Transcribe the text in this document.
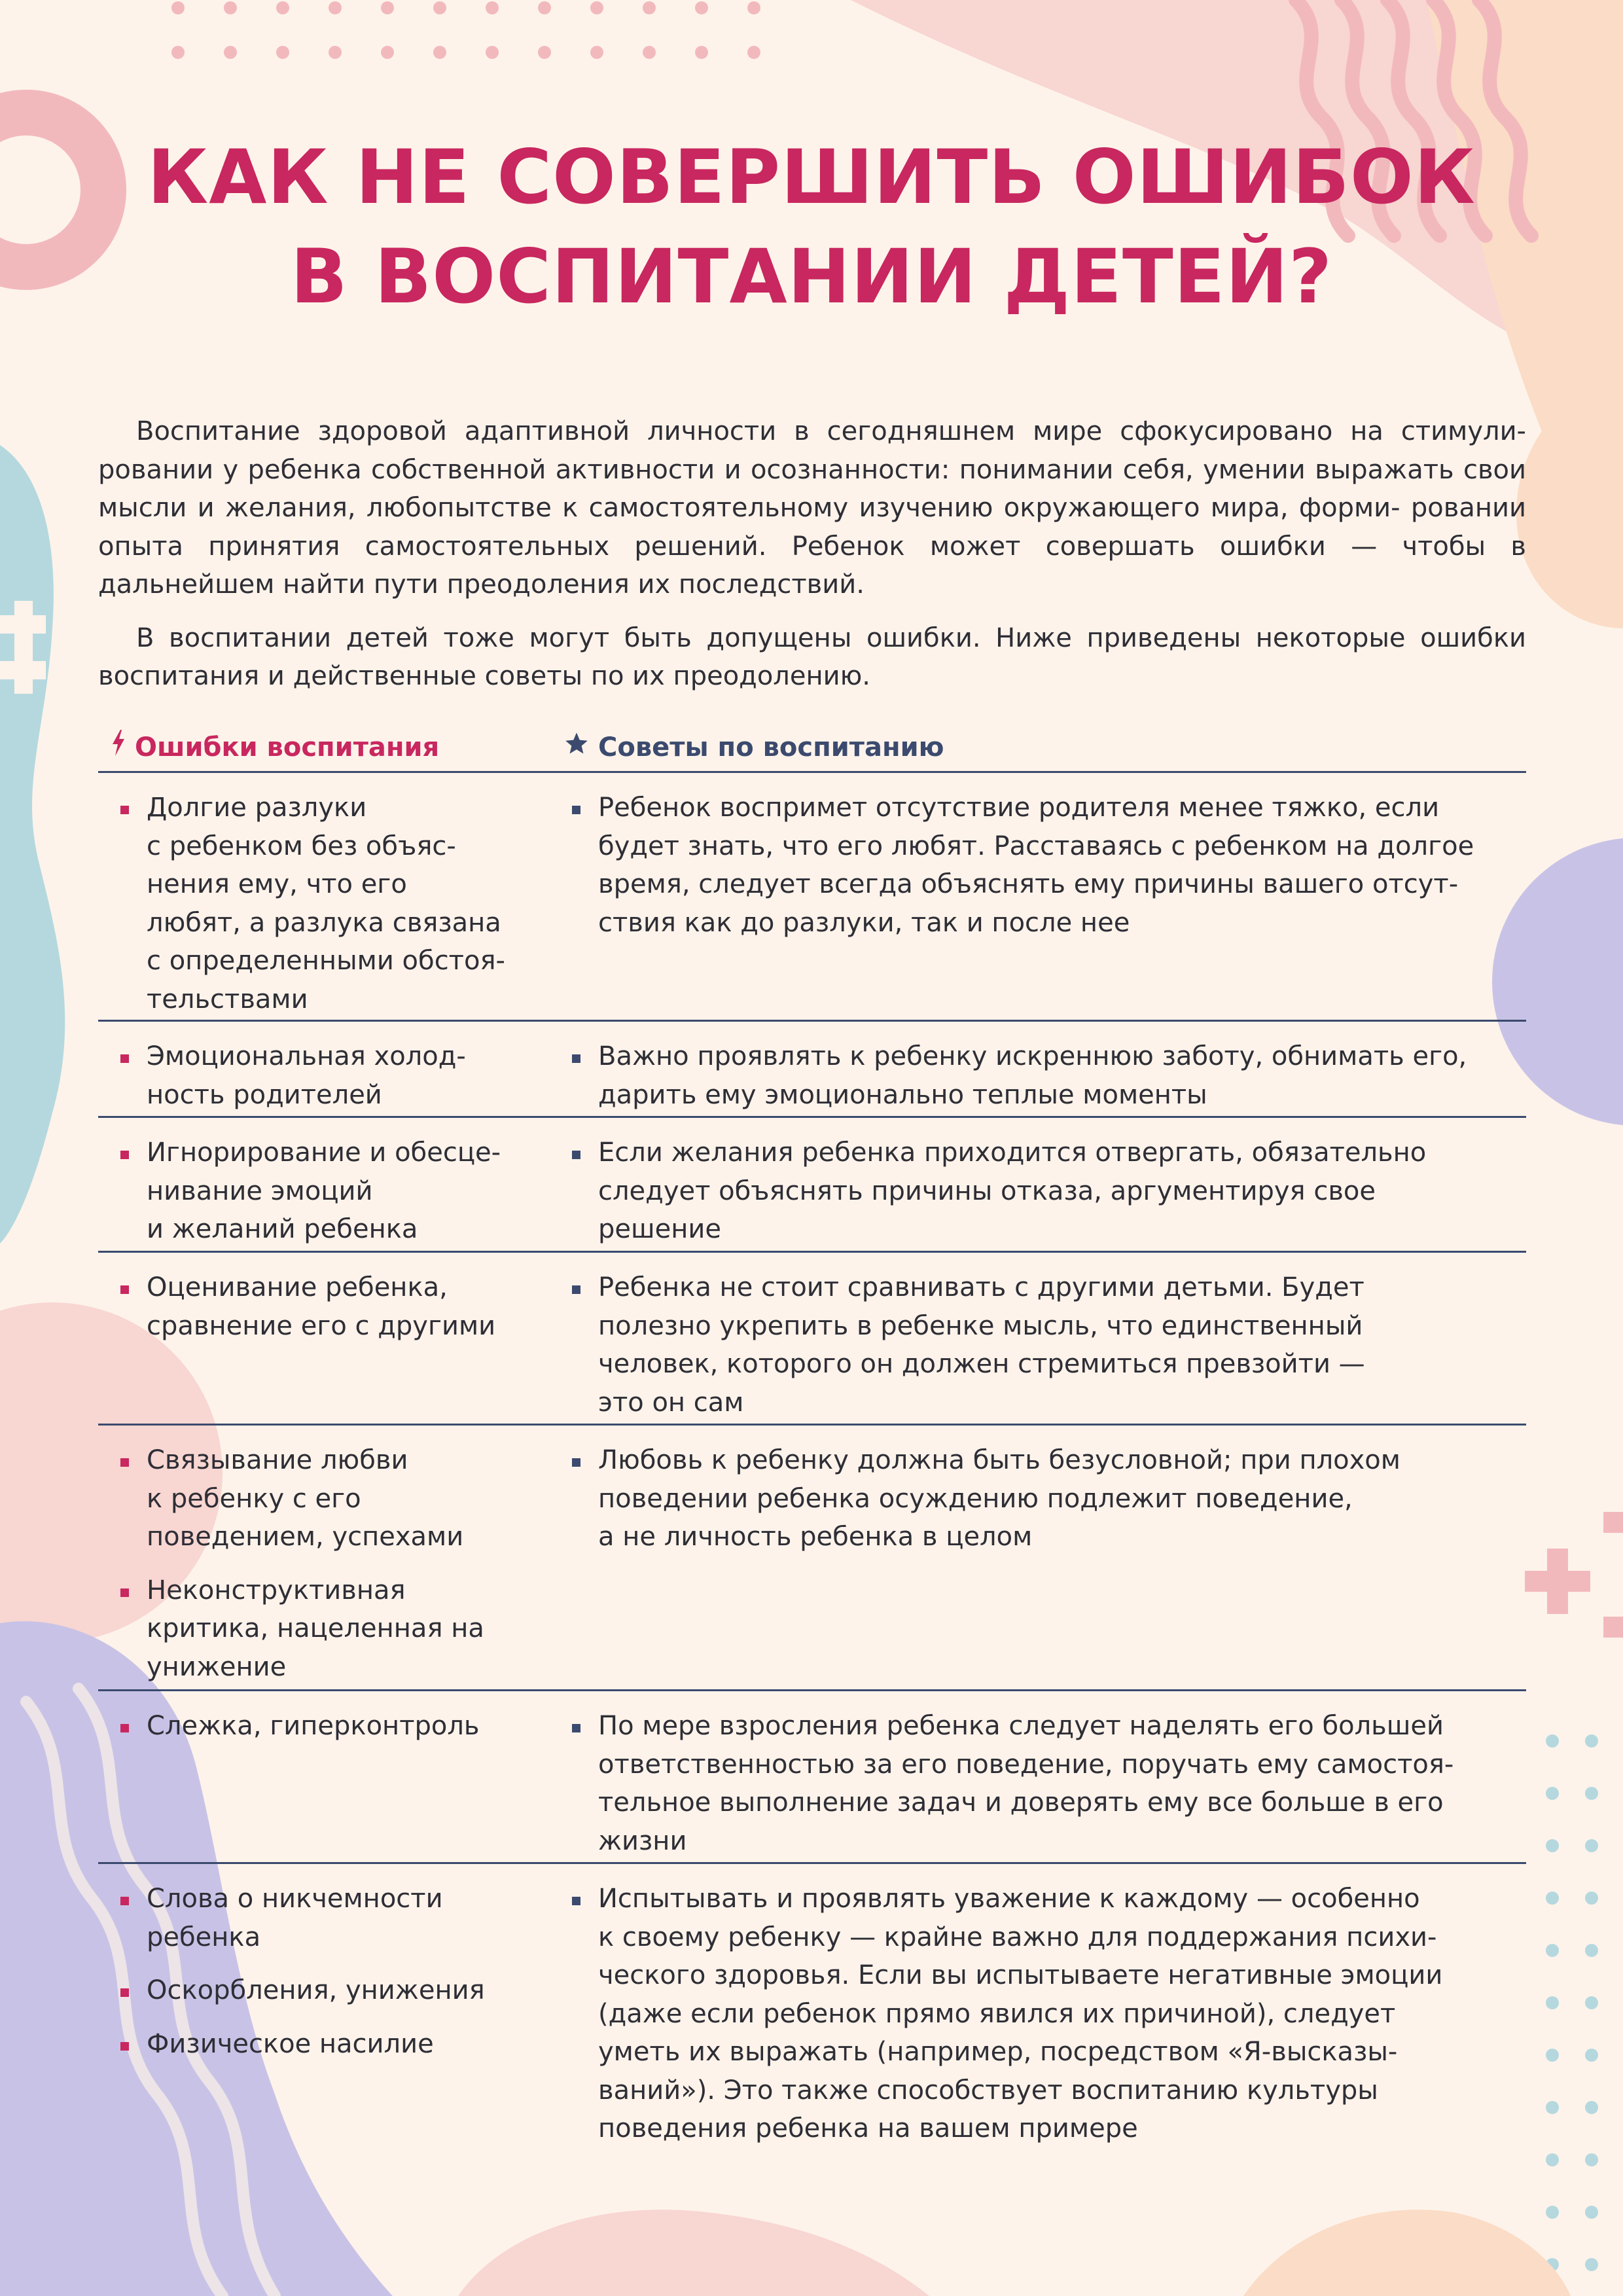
КАК НЕ СОВЕРШИТЬ ОШИБОК
В ВОСПИТАНИИ ДЕТЕЙ?

Воспитание здоровой адаптивной личности в сегодняшнем мире сфокусировано на стимули- ровании у ребенка собственной активности и осознанности: понимании себя, умении выражать свои мысли и желания, любопытстве к самостоятельному изучению окружающего мира, форми- ровании опыта принятия самостоятельных решений. Ребенок может совершать ошибки — чтобы в дальнейшем найти пути преодоления их последствий.

В воспитании детей тоже могут быть допущены ошибки. Ниже приведены некоторые ошибки воспитания и действенные советы по их преодолению.

Ошибки воспитания	Советы по воспитанию
Долгие разлуки
с ребенком без объяс-
нения ему, что его
любят, а разлука связана
с определенными обстоя-
тельствами
Ребенок воспримет отсутствие родителя менее тяжко, если
будет знать, что его любят. Расставаясь с ребенком на долгое
время, следует всегда объяснять ему причины вашего отсут-
ствия как до разлуки, так и после нее
Эмоциональная холод-
ность родителей
Важно проявлять к ребенку искреннюю заботу, обнимать его,
дарить ему эмоционально теплые моменты
Игнорирование и обесце-
нивание эмоций
и желаний ребенка
Если желания ребенка приходится отвергать, обязательно
следует объяснять причины отказа, аргументируя свое
решение
Оценивание ребенка,
сравнение его с другими
Ребенка не стоит сравнивать с другими детьми. Будет
полезно укрепить в ребенке мысль, что единственный
человек, которого он должен стремиться превзойти —
это он сам
Связывание любви
к ребенку с его
поведением, успехами
Неконструктивная
критика, нацеленная на
унижение
Любовь к ребенку должна быть безусловной; при плохом
поведении ребенка осуждению подлежит поведение,
а не личность ребенка в целом
Слежка, гиперконтроль	По мере взросления ребенка следует наделять его большей
ответственностью за его поведение, поручать ему самостоя-
тельное выполнение задач и доверять ему все больше в его
жизни
Слова о никчемности
ребенка
Оскорбления, унижения
Физическое насилие
Испытывать и проявлять уважение к каждому — особенно
к своему ребенку — крайне важно для поддержания психи-
ческого здоровья. Если вы испытываете негативные эмоции
(даже если ребенок прямо явился их причиной), следует
уметь их выражать (например, посредством «Я-высказы-
ваний»). Это также способствует воспитанию культуры
поведения ребенка на вашем примере
